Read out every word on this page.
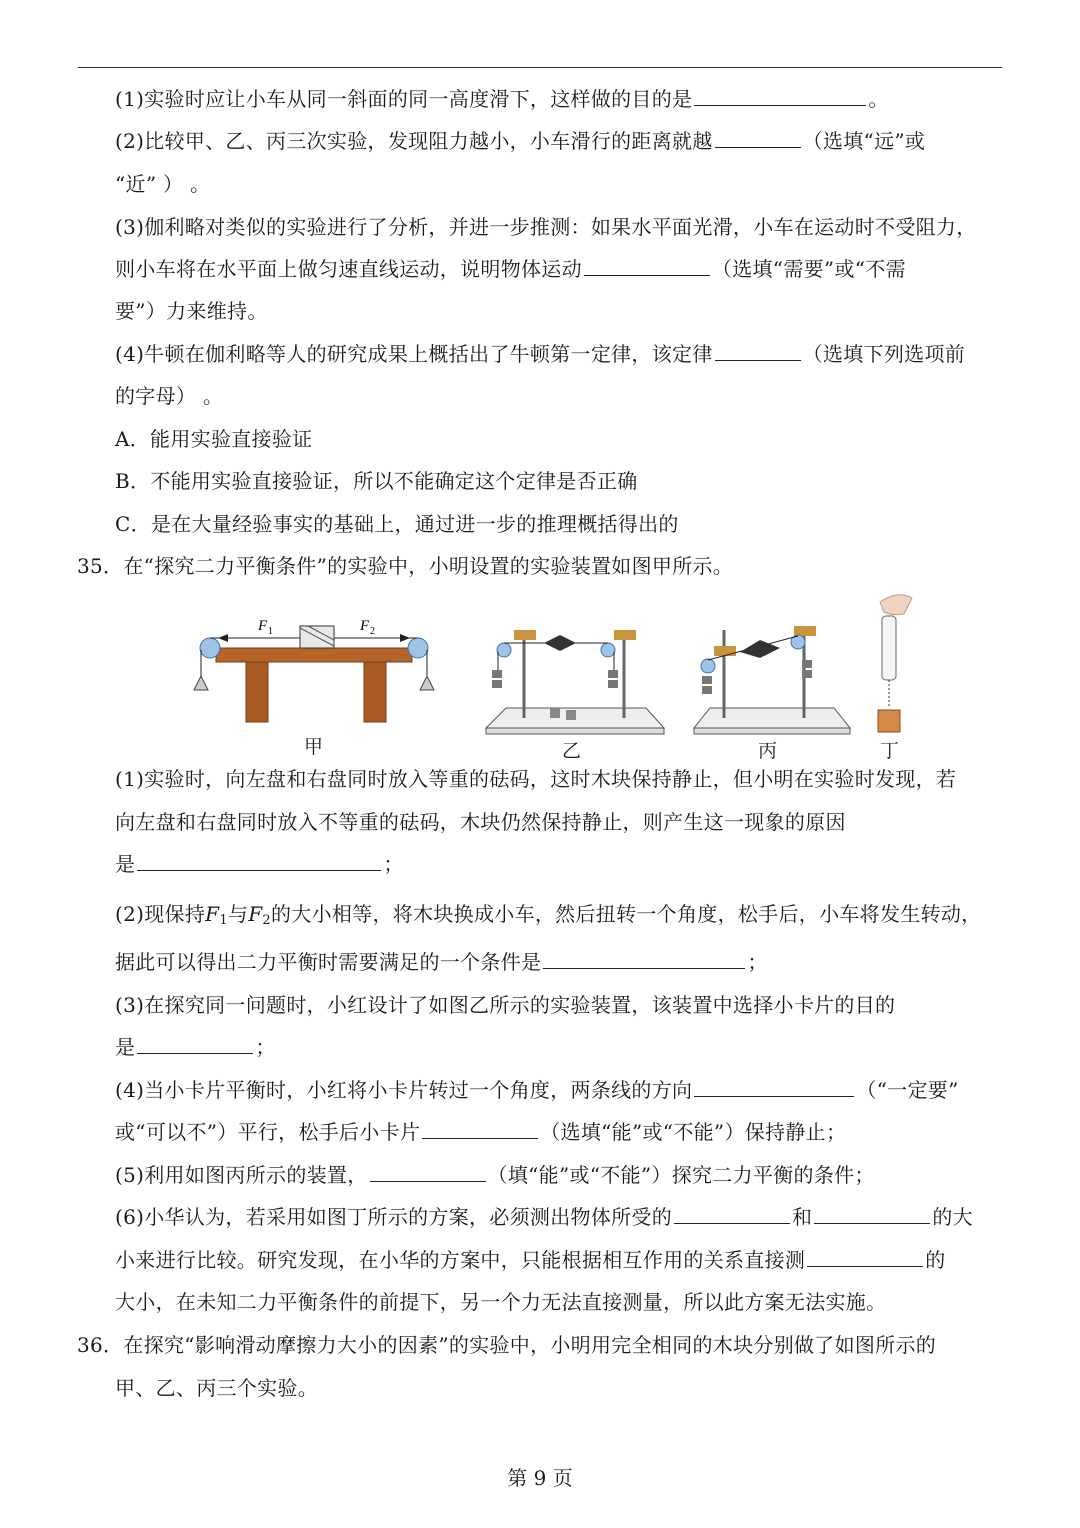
(1)实验时应让小车从同一斜面的同一高度滑下，这样做的目的是	。
(2)比较甲、乙、丙三次实验，发现阻力越小，小车滑行的距离就越	（选填“远”或
“近” ） 。
(3)伽利略对类似的实验进行了分析，并进一步推测：如果水平面光滑，小车在运动时不受阻力，
则小车将在水平面上做匀速直线运动，说明物体运动	（选填“需要”或“不需
要”）力来维持。
(4)牛顿在伽利略等人的研究成果上概括出了牛顿第一定律，该定律	（选填下列选项前
的字母） 。
A．能用实验直接验证
B．不能用实验直接验证，所以不能确定这个定律是否正确
C．是在大量经验事实的基础上，通过进一步的推理概括得出的
35．在“探究二力平衡条件”的实验中，小明设置的实验装置如图甲所示。
F 1	F 2
甲	乙	丙	丁
(1)实验时，向左盘和右盘同时放入等重的砝码，这时木块保持静止，但小明在实验时发现，若
向左盘和右盘同时放入不等重的砝码，木块仍然保持静止，则产生这一现象的原因
是	；
(2)现保持$F_1$与$F_2$的大小相等，将木块换成小车，然后扭转一个角度，松手后，小车将发生转动，
据此可以得出二力平衡时需要满足的一个条件是	；
(3)在探究同一问题时，小红设计了如图乙所示的实验装置，该装置中选择小卡片的目的
是	；
(4)当小卡片平衡时，小红将小卡片转过一个角度，两条线的方向	（“一定要”
或“可以不”）平行，松手后小卡片	（选填“能”或“不能”）保持静止；
(5)利用如图丙所示的装置，	（填“能”或“不能”）探究二力平衡的条件；
(6)小华认为，若采用如图丁所示的方案，必须测出物体所受的	和	的大
小来进行比较。研究发现，在小华的方案中，只能根据相互作用的关系直接测	的
大小，在未知二力平衡条件的前提下，另一个力无法直接测量，所以此方案无法实施。
36．在探究“影响滑动摩擦力大小的因素”的实验中，小明用完全相同的木块分别做了如图所示的
甲、乙、丙三个实验。
第 9 页
